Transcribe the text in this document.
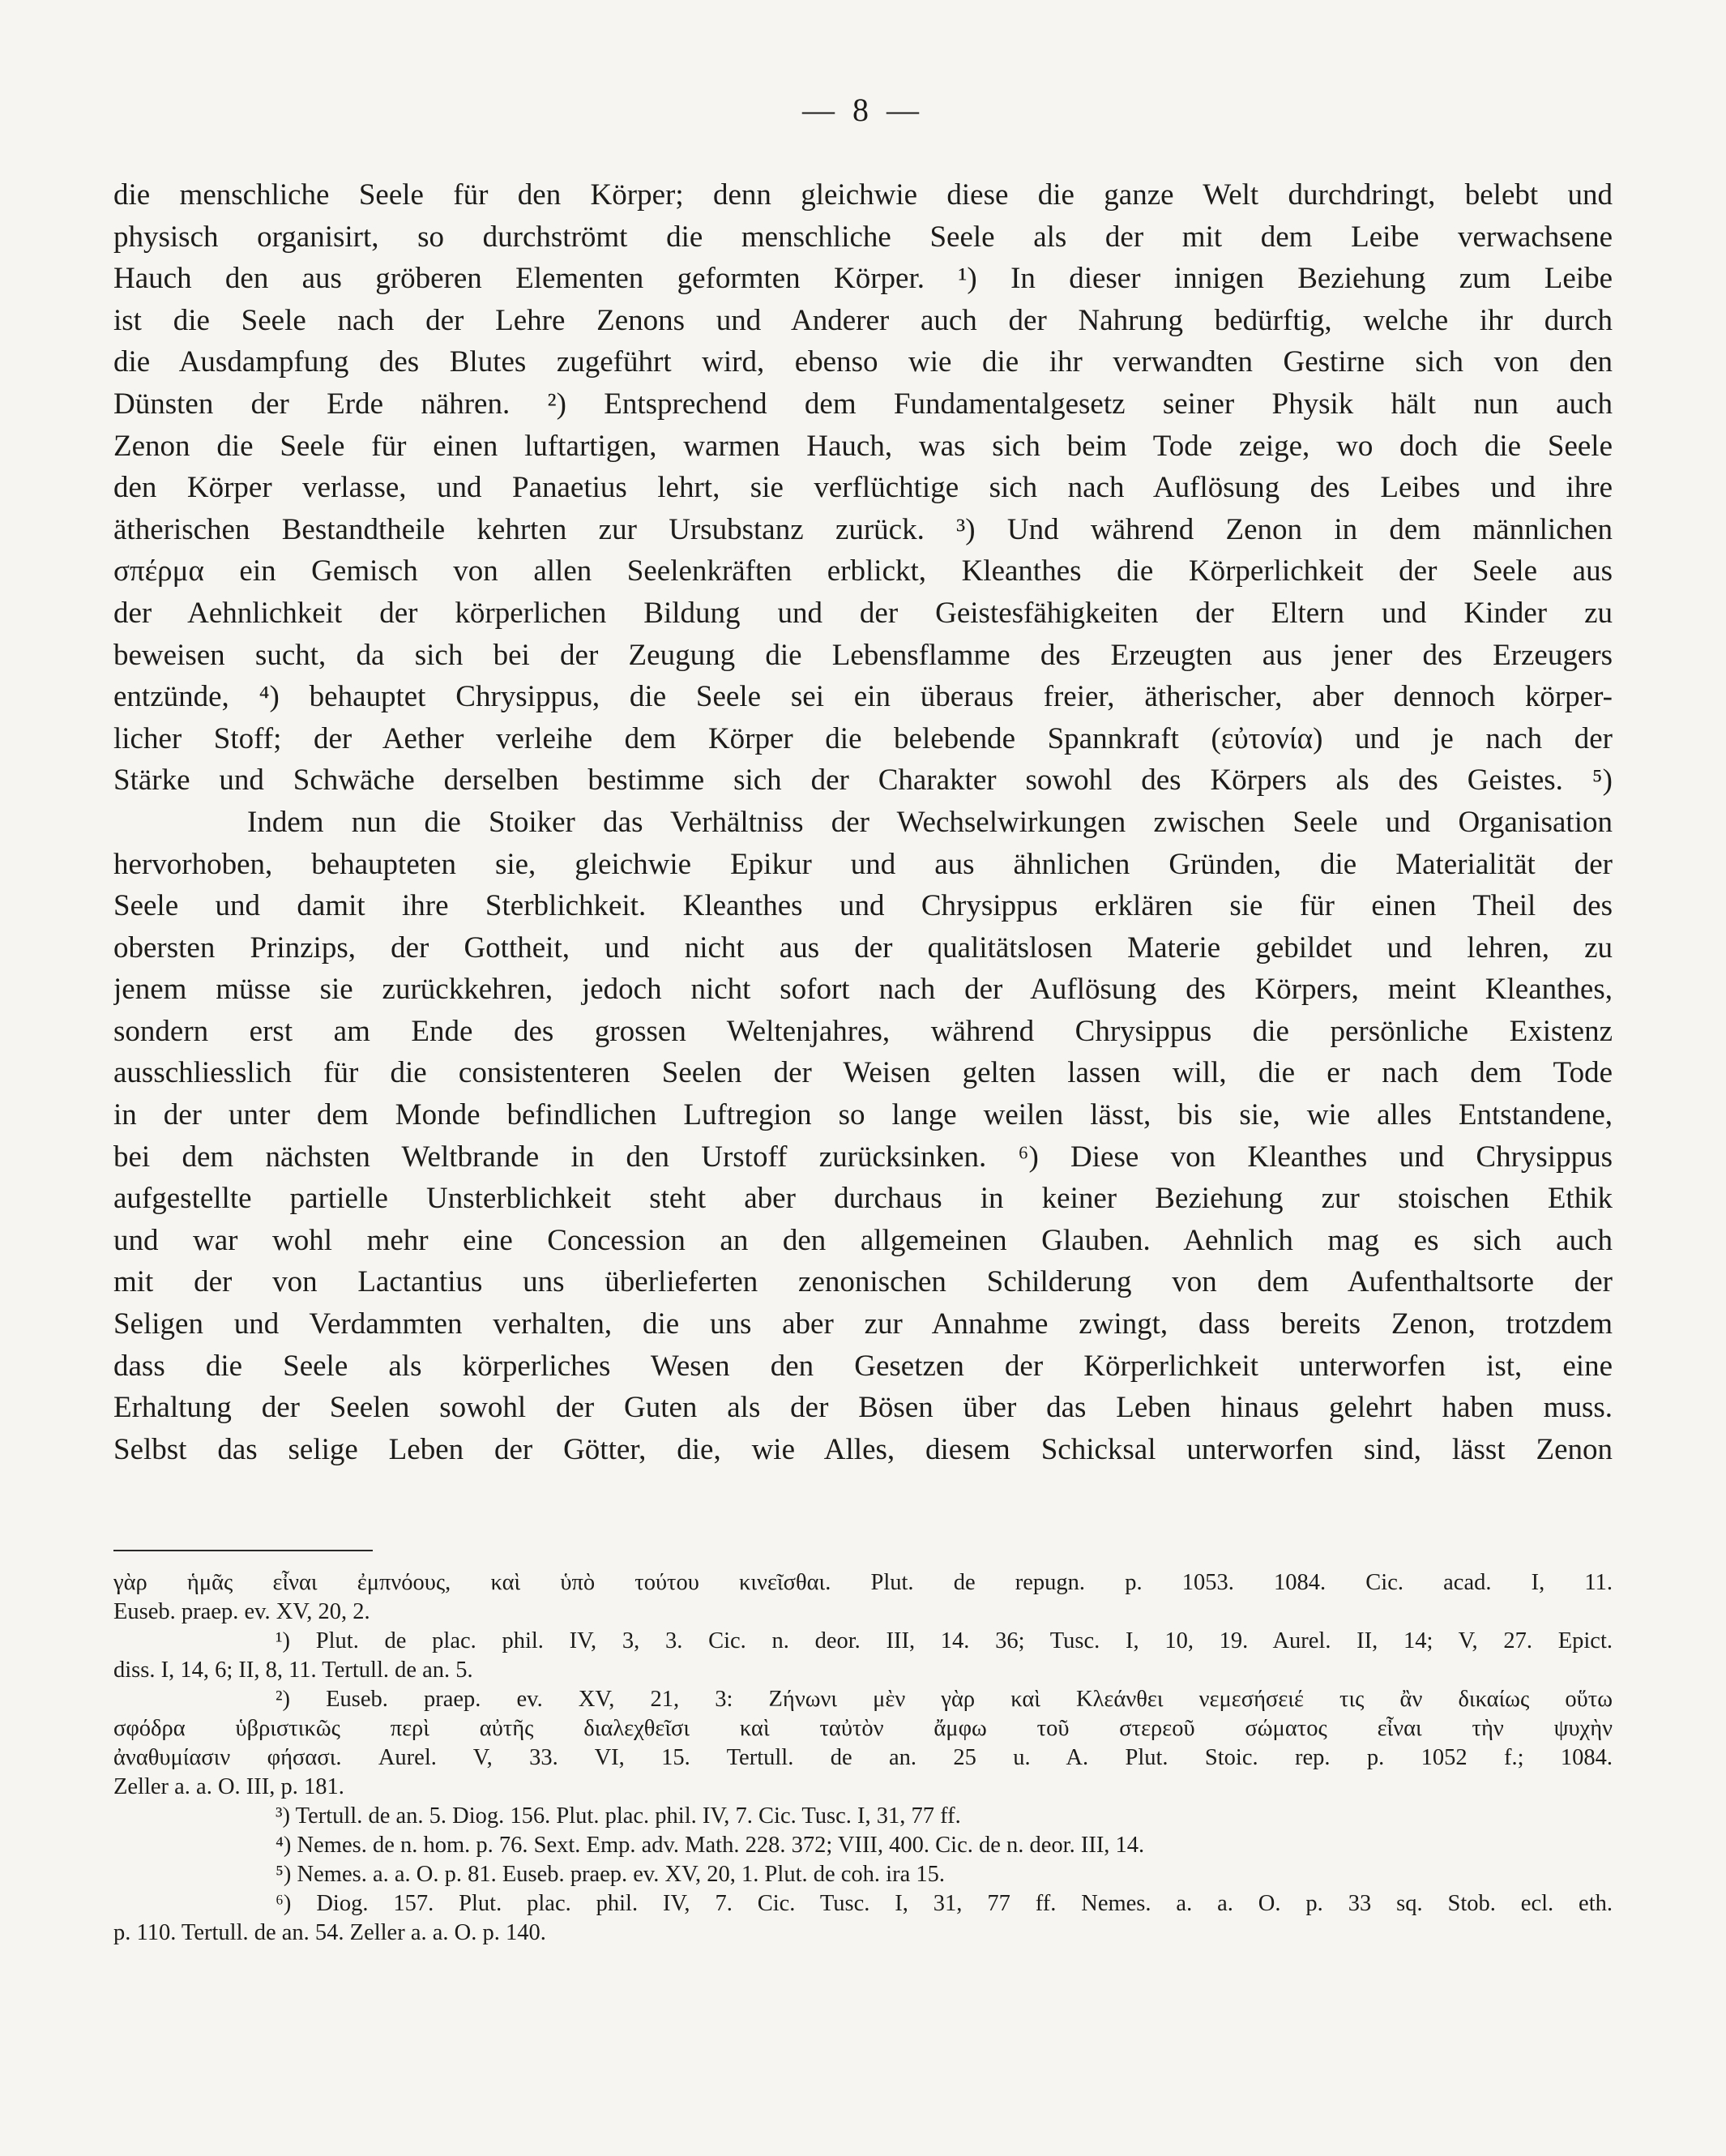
— 8 —
die menschliche Seele für den Körper; denn gleichwie diese die ganze Welt durchdringt, belebt und
physisch organisirt, so durchströmt die menschliche Seele als der mit dem Leibe verwachsene
Hauch den aus gröberen Elementen geformten Körper. ¹) In dieser innigen Beziehung zum Leibe
ist die Seele nach der Lehre Zenons und Anderer auch der Nahrung bedürftig, welche ihr durch
die Ausdampfung des Blutes zugeführt wird, ebenso wie die ihr verwandten Gestirne sich von den
Dünsten der Erde nähren. ²) Entsprechend dem Fundamentalgesetz seiner Physik hält nun auch
Zenon die Seele für einen luftartigen, warmen Hauch, was sich beim Tode zeige, wo doch die Seele
den Körper verlasse, und Panaetius lehrt, sie verflüchtige sich nach Auflösung des Leibes und ihre
ätherischen Bestandtheile kehrten zur Ursubstanz zurück. ³) Und während Zenon in dem männlichen
σπέρμα ein Gemisch von allen Seelenkräften erblickt, Kleanthes die Körperlichkeit der Seele aus
der Aehnlichkeit der körperlichen Bildung und der Geistesfähigkeiten der Eltern und Kinder zu
beweisen sucht, da sich bei der Zeugung die Lebensflamme des Erzeugten aus jener des Erzeugers
entzünde, ⁴) behauptet Chrysippus, die Seele sei ein überaus freier, ätherischer, aber dennoch körper-
licher Stoff; der Aether verleihe dem Körper die belebende Spannkraft (εὐτονία) und je nach der
Stärke und Schwäche derselben bestimme sich der Charakter sowohl des Körpers als des Geistes. ⁵)
Indem nun die Stoiker das Verhältniss der Wechselwirkungen zwischen Seele und Organisation
hervorhoben, behaupteten sie, gleichwie Epikur und aus ähnlichen Gründen, die Materialität der
Seele und damit ihre Sterblichkeit. Kleanthes und Chrysippus erklären sie für einen Theil des
obersten Prinzips, der Gottheit, und nicht aus der qualitätslosen Materie gebildet und lehren, zu
jenem müsse sie zurückkehren, jedoch nicht sofort nach der Auflösung des Körpers, meint Kleanthes,
sondern erst am Ende des grossen Weltenjahres, während Chrysippus die persönliche Existenz
ausschliesslich für die consistenteren Seelen der Weisen gelten lassen will, die er nach dem Tode
in der unter dem Monde befindlichen Luftregion so lange weilen lässt, bis sie, wie alles Entstandene,
bei dem nächsten Weltbrande in den Urstoff zurücksinken. ⁶) Diese von Kleanthes und Chrysippus
aufgestellte partielle Unsterblichkeit steht aber durchaus in keiner Beziehung zur stoischen Ethik
und war wohl mehr eine Concession an den allgemeinen Glauben. Aehnlich mag es sich auch
mit der von Lactantius uns überlieferten zenonischen Schilderung von dem Aufenthaltsorte der
Seligen und Verdammten verhalten, die uns aber zur Annahme zwingt, dass bereits Zenon, trotzdem
dass die Seele als körperliches Wesen den Gesetzen der Körperlichkeit unterworfen ist, eine
Erhaltung der Seelen sowohl der Guten als der Bösen über das Leben hinaus gelehrt haben muss.
Selbst das selige Leben der Götter, die, wie Alles, diesem Schicksal unterworfen sind, lässt Zenon
γὰρ ἡμᾶς εἶναι ἐμπνόους, καὶ ὑπὸ τούτου κινεῖσθαι. Plut. de repugn. p. 1053. 1084. Cic. acad. I, 11.
Euseb. praep. ev. XV, 20, 2.
¹) Plut. de plac. phil. IV, 3, 3. Cic. n. deor. III, 14. 36; Tusc. I, 10, 19. Aurel. II, 14; V, 27. Epict.
diss. I, 14, 6; II, 8, 11. Tertull. de an. 5.
²) Euseb. praep. ev. XV, 21, 3: Ζήνωνι μὲν γὰρ καὶ Κλεάνθει νεμεσήσειέ τις ἂν δικαίως οὕτω
σφόδρα ὑβριστικῶς περὶ αὐτῆς διαλεχθεῖσι καὶ ταὐτὸν ἄμφω τοῦ στερεοῦ σώματος εἶναι τὴν ψυχὴν
ἀναθυμίασιν φήσασι. Aurel. V, 33. VI, 15. Tertull. de an. 25 u. A. Plut. Stoic. rep. p. 1052 f.; 1084.
Zeller a. a. O. III, p. 181.
³) Tertull. de an. 5. Diog. 156. Plut. plac. phil. IV, 7. Cic. Tusc. I, 31, 77 ff.
⁴) Nemes. de n. hom. p. 76. Sext. Emp. adv. Math. 228. 372; VIII, 400. Cic. de n. deor. III, 14.
⁵) Nemes. a. a. O. p. 81. Euseb. praep. ev. XV, 20, 1. Plut. de coh. ira 15.
⁶) Diog. 157. Plut. plac. phil. IV, 7. Cic. Tusc. I, 31, 77 ff. Nemes. a. a. O. p. 33 sq. Stob. ecl. eth.
p. 110. Tertull. de an. 54. Zeller a. a. O. p. 140.
